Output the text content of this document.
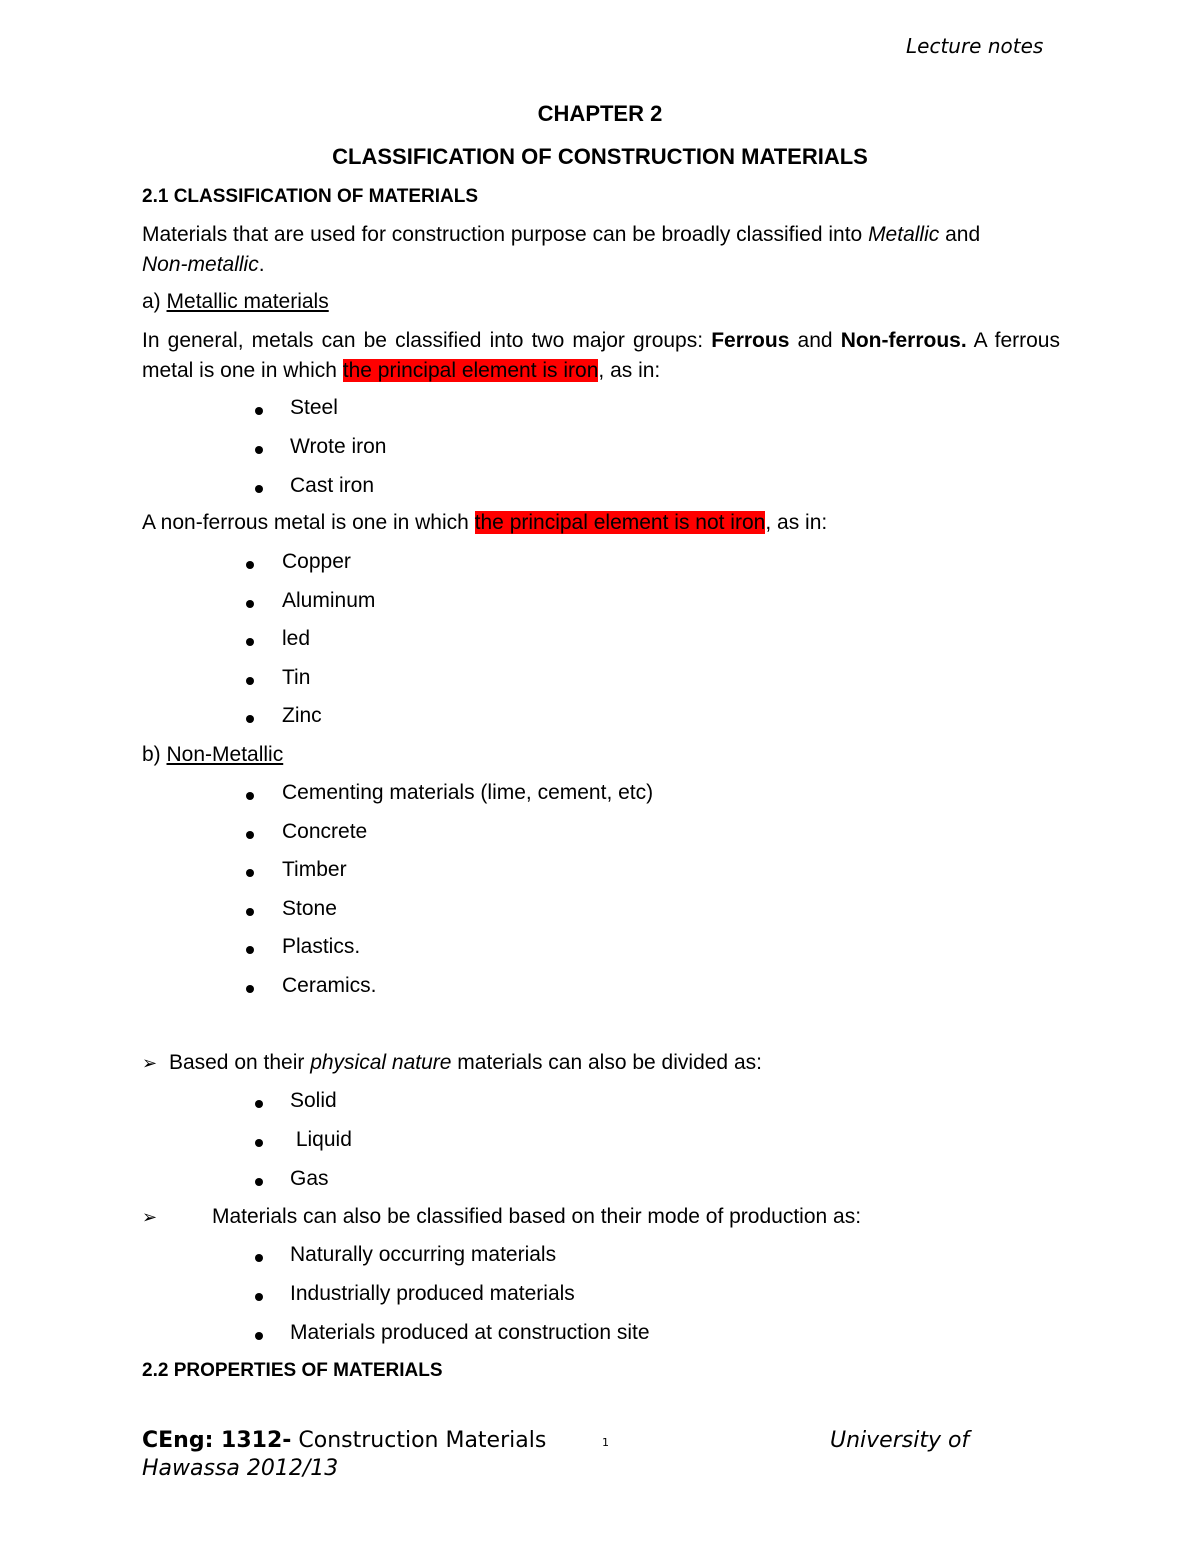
Lecture notes
CHAPTER 2
CLASSIFICATION OF CONSTRUCTION MATERIALS
2.1 CLASSIFICATION OF MATERIALS
Materials that are used for construction purpose can be broadly classified into Metallic and
Non-metallic.
a) Metallic materials
In general, metals can be classified into two major groups: Ferrous and Non-ferrous. A ferrous metal is one in which the principal element is iron, as in:
Steel
Wrote iron
Cast iron
A non-ferrous metal is one in which the principal element is not iron, as in:
Copper
Aluminum
led
Tin
Zinc
b) Non-Metallic
Cementing materials (lime, cement, etc)
Concrete
Timber
Stone
Plastics.
Ceramics.
➢ Based on their physical nature materials can also be divided as:
Solid
Liquid
Gas
➢	Materials can also be classified based on their mode of production as:
Naturally occurring materials
Industrially produced materials
Materials produced at construction site
2.2 PROPERTIES OF MATERIALS
CEng: 1312- Construction Materials	1	University of
Hawassa 2012/13
